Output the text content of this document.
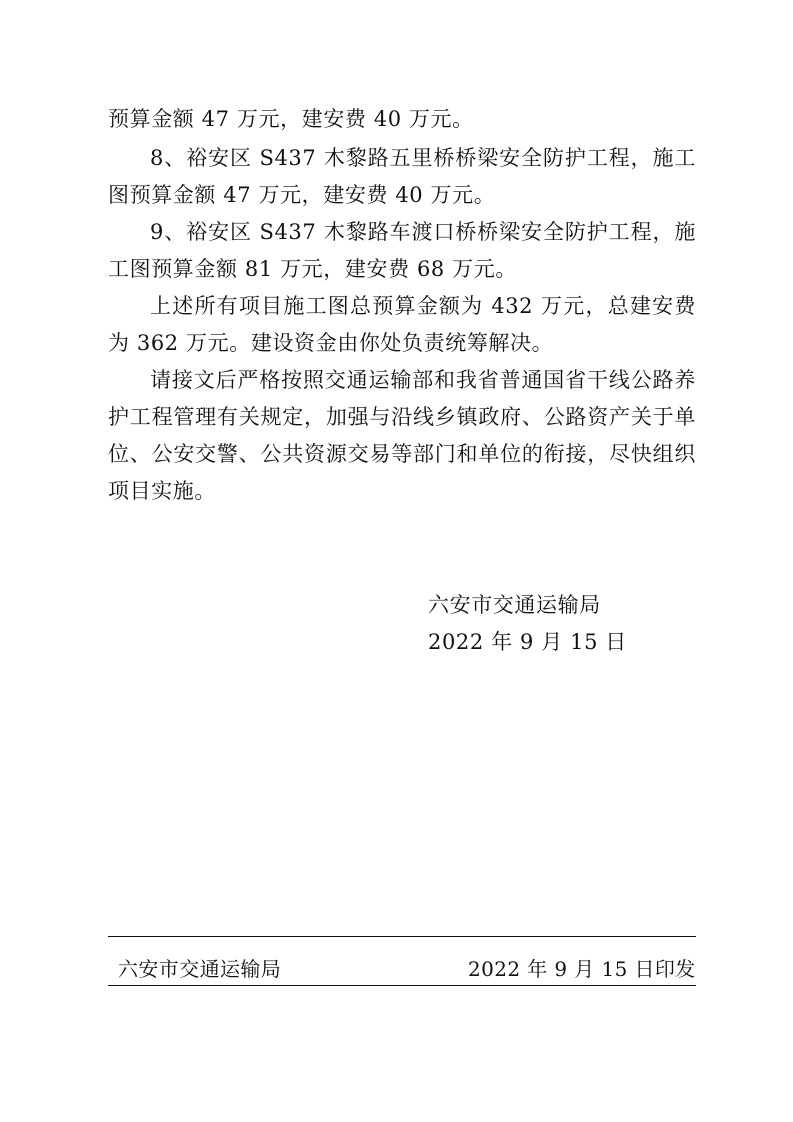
预算金额 47 万元，建安费 40 万元。

8、裕安区 S437 木黎路五里桥桥梁安全防护工程，施工图预算金额 47 万元，建安费 40 万元。

9、裕安区 S437 木黎路车渡口桥桥梁安全防护工程，施工图预算金额 81 万元，建安费 68 万元。

上述所有项目施工图总预算金额为 432 万元，总建安费为 362 万元。建设资金由你处负责统筹解决。

请接文后严格按照交通运输部和我省普通国省干线公路养护工程管理有关规定，加强与沿线乡镇政府、公路资产关于单位、公安交警、公共资源交易等部门和单位的衔接，尽快组织项目实施。

六安市交通运输局
2022 年 9 月 15 日
六安市交通运输局	2022 年 9 月 15 日印发
